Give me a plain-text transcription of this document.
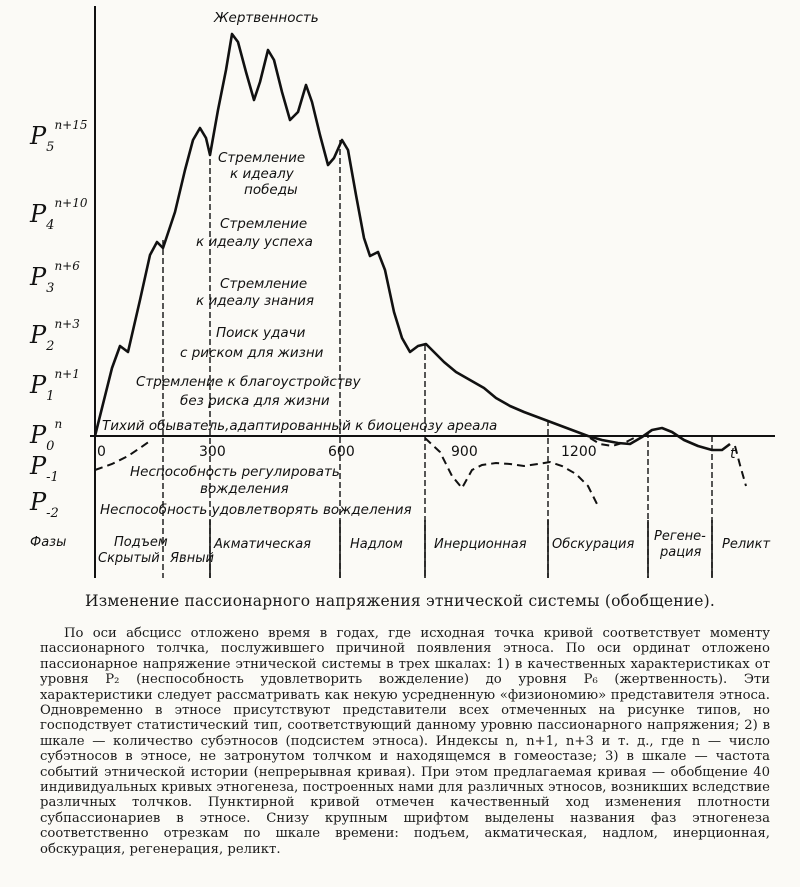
$P_5^{n+15}$
$P_4^{n+10}$
$P_3^{n+6}$
$P_2^{n+3}$
$P_1^{n+1}$
$P_0^n$
$P_{-1}$
$P_{-2}$
0	300	600	900	1200	t
Жертвенность
Стремление
к идеалу
победы
Стремление
к идеалу успеха
Стремление
к идеалу знания
Поиск удачи
с риском для жизни
Стремление к благоустройству
без риска для жизни
Тихий обыватель,адаптированный к биоценозу ареала
Неспособность регулировать
вожделения
Неспособность удовлетворять вожделения
Фазы	Подъем
Скрытый Явный
Акматическая	Надлом Инерционная Обскурация
Регене-
рация
Реликт
Изменение пассионарного напряжения этнической системы (обобщение).

По оси абсцисс отложено время в годах, где исходная точка кривой соответствует моменту пассионарного толчка, послужившего причиной появления этноса. По оси ординат отложено пассионарное напряжение этнической системы в трех шкалах: 1) в качественных характеристиках от уровня P₂ (неспособность удовлетворить вожделение) до уровня P₆ (жертвенность). Эти характеристики следует рассматривать как некую усредненную «физиономию» представителя этноса. Одновременно в этносе присутствуют представители всех отмеченных на рисунке типов, но господствует статистический тип, соответствующий данному уровню пассионарного напряжения; 2) в шкале — количество субэтносов (подсистем этноса). Индексы n, n+1, n+3 и т. д., где n — число субэтносов в этносе, не затронутом толчком и находящемся в гомеостазе; 3) в шкале — частота событий этнической истории (непрерывная кривая). При этом предлагаемая кривая — обобщение 40 индивидуальных кривых этногенеза, построенных нами для различных этносов, возникших вследствие различных толчков. Пунктирной кривой отмечен качественный ход изменения плотности субпассионариев в этносе. Снизу крупным шрифтом выделены названия фаз этногенеза соответственно отрезкам по шкале времени: подъем, акматическая, надлом, инерционная, обскурация, регенерация, реликт.
